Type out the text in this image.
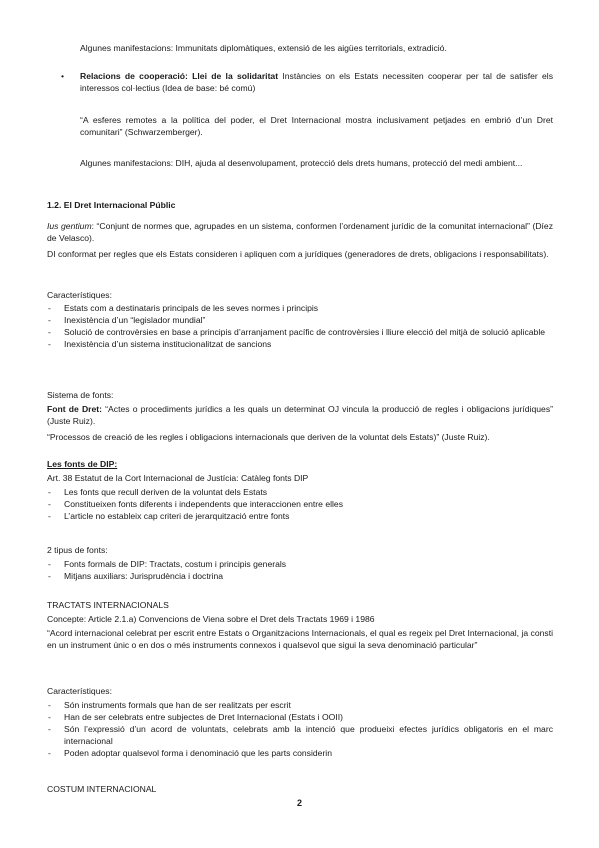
Algunes manifestacions: Immunitats diplomàtiques, extensió de les aigües territorials, extradició.
• Relacions de cooperació: Llei de la solidaritat Instàncies on els Estats necessiten cooperar per tal de satisfer els interessos col·lectius (Idea de base: bé comú)
“A esferes remotes a la política del poder, el Dret Internacional mostra inclusivament petjades en embrió d’un Dret comunitari” (Schwarzemberger).
Algunes manifestacions: DIH, ajuda al desenvolupament, protecció dels drets humans, protecció del medi ambient...
1.2. El Dret Internacional Públic
Ius gentium: “Conjunt de normes que, agrupades en un sistema, conformen l’ordenament jurídic de la comunitat internacional” (Díez de Velasco).
DI conformat per regles que els Estats consideren i apliquen com a jurídiques (generadores de drets, obligacions i responsabilitats).
Característiques:
- Estats com a destinataris principals de les seves normes i principis
- Inexistència d’un “legislador mundial”
- Solució de controvèrsies en base a principis d’arranjament pacífic de controvèrsies i lliure elecció del mitjà de solució aplicable
- Inexistència d’un sistema institucionalitzat de sancions
Sistema de fonts:
Font de Dret: “Actes o procediments jurídics a les quals un determinat OJ vincula la producció de regles i obligacions jurídiques” (Juste Ruiz).
“Processos de creació de les regles i obligacions internacionals que deriven de la voluntat dels Estats)” (Juste Ruiz).
Les fonts de DIP:
Art. 38 Estatut de la Cort Internacional de Justícia: Catàleg fonts DIP
- Les fonts que recull deriven de la voluntat dels Estats
- Constitueixen fonts diferents i independents que interaccionen entre elles
- L’article no estableix cap criteri de jerarquització entre fonts
2 tipus de fonts:
- Fonts formals de DIP: Tractats, costum i principis generals
- Mitjans auxiliars: Jurisprudència i doctrina
TRACTATS INTERNACIONALS
Concepte: Article 2.1.a) Convencions de Viena sobre el Dret dels Tractats 1969 i 1986
“Acord internacional celebrat per escrit entre Estats o Organitzacions Internacionals, el qual es regeix pel Dret Internacional, ja consti en un instrument únic o en dos o més instruments connexos i qualsevol que sigui la seva denominació particular”
Característiques:
- Són instruments formals que han de ser realitzats per escrit
- Han de ser celebrats entre subjectes de Dret Internacional (Estats i OOII)
- Són l’expressió d’un acord de voluntats, celebrats amb la intenció que produeixi efectes jurídics obligatoris en el marc internacional
- Poden adoptar qualsevol forma i denominació que les parts considerin
COSTUM INTERNACIONAL
2
